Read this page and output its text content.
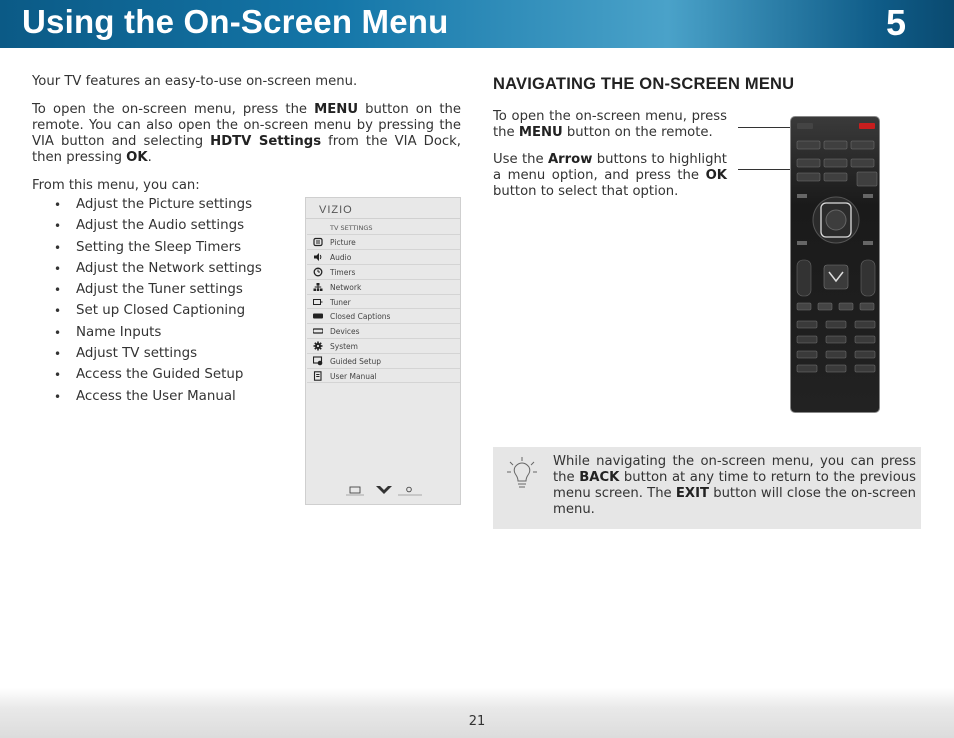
Using the On-Screen Menu	5

Your TV features an easy-to-use on-screen menu.

To open the on-screen menu, press the MENU button on the remote. You can also open the on-screen menu by pressing the VIA button and selecting HDTV Settings from the VIA Dock, then pressing OK.

From this menu, you can:

• Adjust the Picture settings
• Adjust the Audio settings
• Setting the Sleep Timers
• Adjust the Network settings
• Adjust the Tuner settings
• Set up Closed Captioning
• Name Inputs
• Adjust TV settings
• Access the Guided Setup
• Access the User Manual
VIZIO
TV SETTINGS
Picture
Audio
Timers
Network
Tuner
Closed Captions
Devices
System
Guided Setup
User Manual
NAVIGATING THE ON-SCREEN MENU

To open the on-screen menu, press the MENU button on the remote.

Use the Arrow buttons to highlight a menu option, and press the OK button to select that option.

While navigating the on-screen menu, you can press the BACK button at any time to return to the previous menu screen. The EXIT button will close the on-screen menu.

21
